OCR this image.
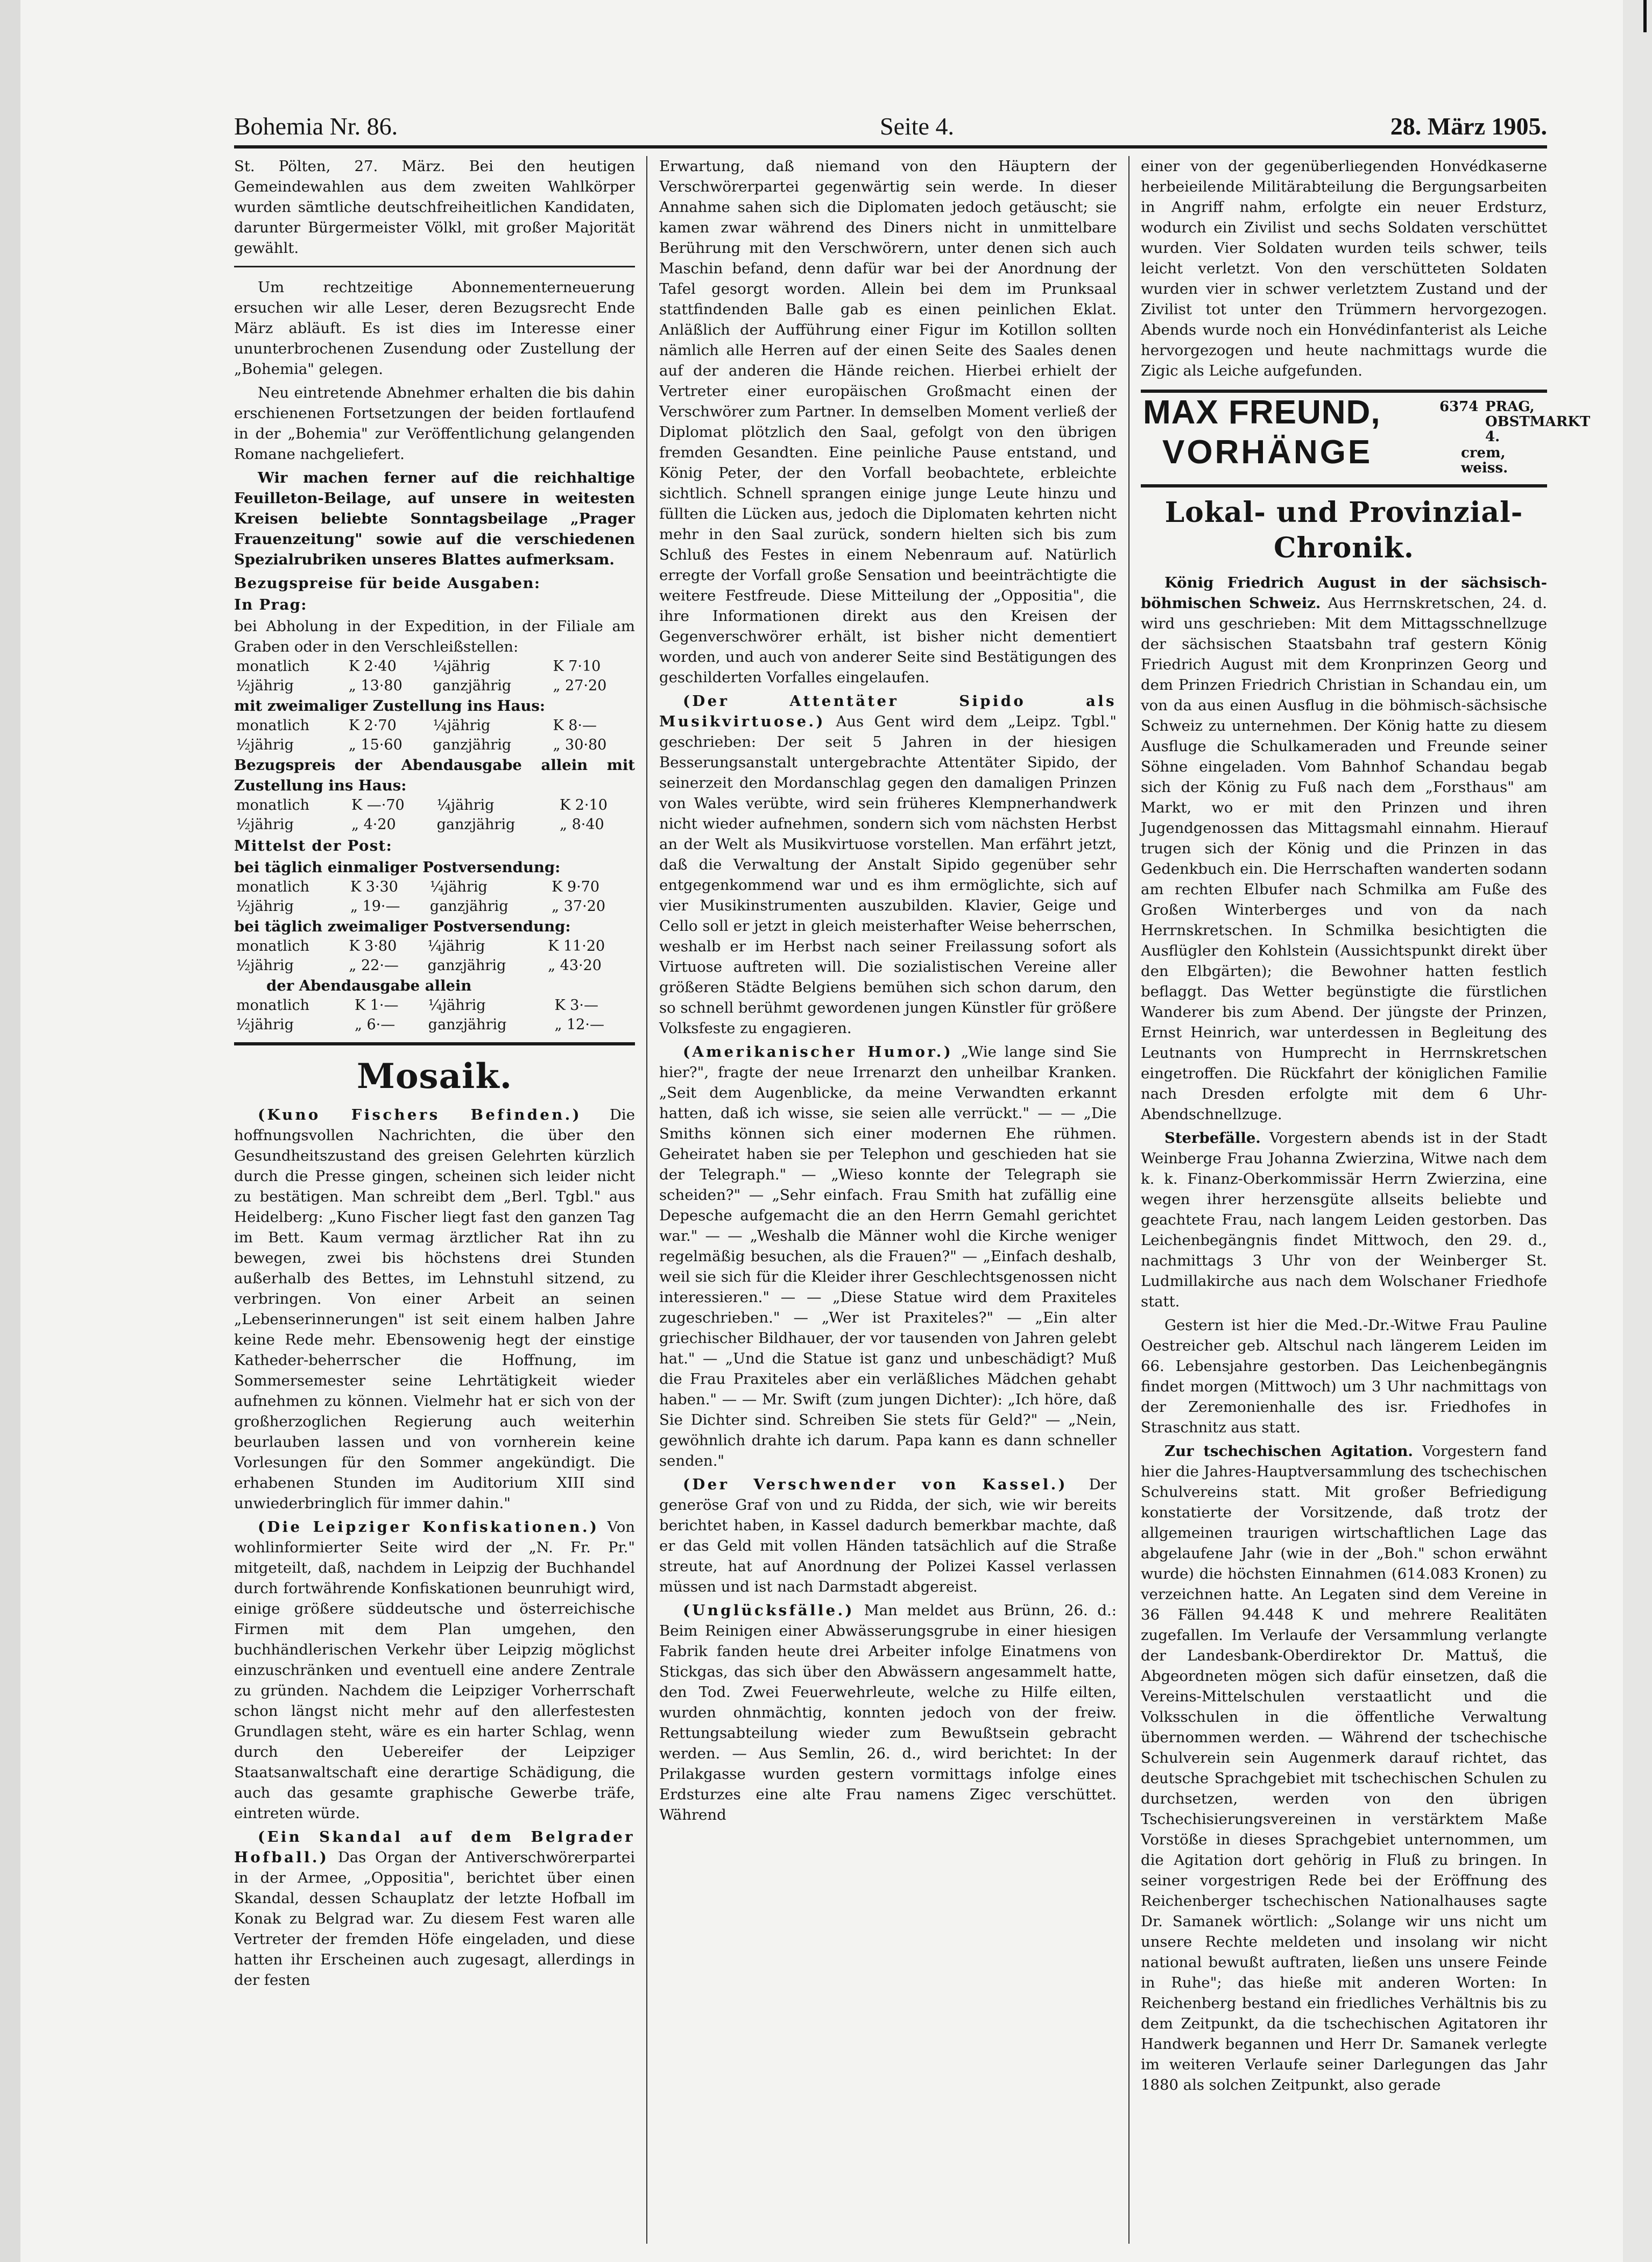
Bohemia Nr. 86.	Seite 4.	28. März 1905.

St. Pölten, 27. März. Bei den heutigen Gemeindewahlen aus dem zweiten Wahlkörper wurden sämtliche deutschfreiheitlichen Kandidaten, darunter Bürgermeister Völkl, mit großer Majorität gewählt.

Um rechtzeitige Abonnementerneuerung ersuchen wir alle Leser, deren Bezugsrecht Ende März abläuft. Es ist dies im Interesse einer ununterbrochenen Zusendung oder Zustellung der „Bohemia" gelegen.

Neu eintretende Abnehmer erhalten die bis dahin erschienenen Fortsetzungen der beiden fortlaufend in der „Bohemia" zur Veröffentlichung gelangenden Romane nachgeliefert.

Wir machen ferner auf die reichhaltige Feuilleton-Beilage, auf unsere in weitesten Kreisen beliebte Sonntagsbeilage „Prager Frauenzeitung" sowie auf die verschiedenen Spezialrubriken unseres Blattes aufmerksam.

Bezugspreise für beide Ausgaben:
In Prag:
bei Abholung in der Expedition, in der Filiale am Graben oder in den Verschleißstellen:
monatlich	K 2·40	¼jährig	K 7·10
½jährig	„ 13·80	ganzjährig	„ 27·20
mit zweimaliger Zustellung ins Haus:
monatlich	K 2·70	¼jährig	K 8·—
½jährig	„ 15·60	ganzjährig	„ 30·80
Bezugspreis der Abendausgabe allein mit Zustellung ins Haus:
monatlich	K —·70	¼jährig	K 2·10
½jährig	„ 4·20	ganzjährig	„ 8·40
Mittelst der Post:
bei täglich einmaliger Postversendung:
monatlich	K 3·30	¼jährig	K 9·70
½jährig	„ 19·—	ganzjährig	„ 37·20
bei täglich zweimaliger Postversendung:
monatlich	K 3·80	¼jährig	K 11·20
½jährig	„ 22·—	ganzjährig	„ 43·20
der Abendausgabe allein
monatlich	K 1·—	¼jährig	K 3·—
½jährig	„ 6·—	ganzjährig	„ 12·—
Mosaik.

(Kuno Fischers Befinden.) Die hoffnungsvollen Nachrichten, die über den Gesundheitszustand des greisen Gelehrten kürzlich durch die Presse gingen, scheinen sich leider nicht zu bestätigen. Man schreibt dem „Berl. Tgbl." aus Heidelberg: „Kuno Fischer liegt fast den ganzen Tag im Bett. Kaum vermag ärztlicher Rat ihn zu bewegen, zwei bis höchstens drei Stunden außerhalb des Bettes, im Lehnstuhl sitzend, zu verbringen. Von einer Arbeit an seinen „Lebenserinnerungen" ist seit einem halben Jahre keine Rede mehr. Ebensowenig hegt der einstige Katheder-beherrscher die Hoffnung, im Sommersemester seine Lehrtätigkeit wieder aufnehmen zu können. Vielmehr hat er sich von der großherzoglichen Regierung auch weiterhin beurlauben lassen und von vornherein keine Vorlesungen für den Sommer angekündigt. Die erhabenen Stunden im Auditorium XIII sind unwiederbringlich für immer dahin."

(Die Leipziger Konfiskationen.) Von wohlinformierter Seite wird der „N. Fr. Pr." mitgeteilt, daß, nachdem in Leipzig der Buchhandel durch fortwährende Konfiskationen beunruhigt wird, einige größere süddeutsche und österreichische Firmen mit dem Plan umgehen, den buchhändlerischen Verkehr über Leipzig möglichst einzuschränken und eventuell eine andere Zentrale zu gründen. Nachdem die Leipziger Vorherrschaft schon längst nicht mehr auf den allerfestesten Grundlagen steht, wäre es ein harter Schlag, wenn durch den Uebereifer der Leipziger Staatsanwaltschaft eine derartige Schädigung, die auch das gesamte graphische Gewerbe träfe, eintreten würde.

(Ein Skandal auf dem Belgrader Hofball.) Das Organ der Antiverschwörerpartei in der Armee, „Oppositia", berichtet über einen Skandal, dessen Schauplatz der letzte Hofball im Konak zu Belgrad war. Zu diesem Fest waren alle Vertreter der fremden Höfe eingeladen, und diese hatten ihr Erscheinen auch zugesagt, allerdings in der festen

Erwartung, daß niemand von den Häuptern der Verschwörerpartei gegenwärtig sein werde. In dieser Annahme sahen sich die Diplomaten jedoch getäuscht; sie kamen zwar während des Diners nicht in unmittelbare Berührung mit den Verschwörern, unter denen sich auch Maschin befand, denn dafür war bei der Anordnung der Tafel gesorgt worden. Allein bei dem im Prunksaal stattfindenden Balle gab es einen peinlichen Eklat. Anläßlich der Aufführung einer Figur im Kotillon sollten nämlich alle Herren auf der einen Seite des Saales denen auf der anderen die Hände reichen. Hierbei erhielt der Vertreter einer europäischen Großmacht einen der Verschwörer zum Partner. In demselben Moment verließ der Diplomat plötzlich den Saal, gefolgt von den übrigen fremden Gesandten. Eine peinliche Pause entstand, und König Peter, der den Vorfall beobachtete, erbleichte sichtlich. Schnell sprangen einige junge Leute hinzu und füllten die Lücken aus, jedoch die Diplomaten kehrten nicht mehr in den Saal zurück, sondern hielten sich bis zum Schluß des Festes in einem Nebenraum auf. Natürlich erregte der Vorfall große Sensation und beeinträchtigte die weitere Festfreude. Diese Mitteilung der „Oppositia", die ihre Informationen direkt aus den Kreisen der Gegenverschwörer erhält, ist bisher nicht dementiert worden, und auch von anderer Seite sind Bestätigungen des geschilderten Vorfalles eingelaufen.

(Der Attentäter Sipido als Musikvirtuose.) Aus Gent wird dem „Leipz. Tgbl." geschrieben: Der seit 5 Jahren in der hiesigen Besserungsanstalt untergebrachte Attentäter Sipido, der seinerzeit den Mordanschlag gegen den damaligen Prinzen von Wales verübte, wird sein früheres Klempnerhandwerk nicht wieder aufnehmen, sondern sich vom nächsten Herbst an der Welt als Musikvirtuose vorstellen. Man erfährt jetzt, daß die Verwaltung der Anstalt Sipido gegenüber sehr entgegenkommend war und es ihm ermöglichte, sich auf vier Musikinstrumenten auszubilden. Klavier, Geige und Cello soll er jetzt in gleich meisterhafter Weise beherrschen, weshalb er im Herbst nach seiner Freilassung sofort als Virtuose auftreten will. Die sozialistischen Vereine aller größeren Städte Belgiens bemühen sich schon darum, den so schnell berühmt gewordenen jungen Künstler für größere Volksfeste zu engagieren.

(Amerikanischer Humor.) „Wie lange sind Sie hier?", fragte der neue Irrenarzt den unheilbar Kranken. „Seit dem Augenblicke, da meine Verwandten erkannt hatten, daß ich wisse, sie seien alle verrückt." — — „Die Smiths können sich einer modernen Ehe rühmen. Geheiratet haben sie per Telephon und geschieden hat sie der Telegraph." — „Wieso konnte der Telegraph sie scheiden?" — „Sehr einfach. Frau Smith hat zufällig eine Depesche aufgemacht die an den Herrn Gemahl gerichtet war." — — „Weshalb die Männer wohl die Kirche weniger regelmäßig besuchen, als die Frauen?" — „Einfach deshalb, weil sie sich für die Kleider ihrer Geschlechtsgenossen nicht interessieren." — — „Diese Statue wird dem Praxiteles zugeschrieben." — „Wer ist Praxiteles?" — „Ein alter griechischer Bildhauer, der vor tausenden von Jahren gelebt hat." — „Und die Statue ist ganz und unbeschädigt? Muß die Frau Praxiteles aber ein verläßliches Mädchen gehabt haben." — — Mr. Swift (zum jungen Dichter): „Ich höre, daß Sie Dichter sind. Schreiben Sie stets für Geld?" — „Nein, gewöhnlich drahte ich darum. Papa kann es dann schneller senden."

(Der Verschwender von Kassel.) Der generöse Graf von und zu Ridda, der sich, wie wir bereits berichtet haben, in Kassel dadurch bemerkbar machte, daß er das Geld mit vollen Händen tatsächlich auf die Straße streute, hat auf Anordnung der Polizei Kassel verlassen müssen und ist nach Darmstadt abgereist.

(Unglücksfälle.) Man meldet aus Brünn, 26. d.: Beim Reinigen einer Abwässerungsgrube in einer hiesigen Fabrik fanden heute drei Arbeiter infolge Einatmens von Stickgas, das sich über den Abwässern angesammelt hatte, den Tod. Zwei Feuerwehrleute, welche zu Hilfe eilten, wurden ohnmächtig, konnten jedoch von der freiw. Rettungsabteilung wieder zum Bewußtsein gebracht werden. — Aus Semlin, 26. d., wird berichtet: In der Prilakgasse wurden gestern vormittags infolge eines Erdsturzes eine alte Frau namens Zigec verschüttet. Während

einer von der gegenüberliegenden Honvédkaserne herbeieilende Militärabteilung die Bergungsarbeiten in Angriff nahm, erfolgte ein neuer Erdsturz, wodurch ein Zivilist und sechs Soldaten verschüttet wurden. Vier Soldaten wurden teils schwer, teils leicht verletzt. Von den verschütteten Soldaten wurden vier in schwer verletztem Zustand und der Zivilist tot unter den Trümmern hervorgezogen. Abends wurde noch ein Honvédinfanterist als Leiche hervorgezogen und heute nachmittags wurde die Zigic als Leiche aufgefunden.

MAX FREUND,	6374 PRAG, OBSTMARKT 4.
VORHÄNGE	crem, weiss.
Lokal- und Provinzial-Chronik.

König Friedrich August in der sächsisch-böhmischen Schweiz. Aus Herrnskretschen, 24. d. wird uns geschrieben: Mit dem Mittagsschnellzuge der sächsischen Staatsbahn traf gestern König Friedrich August mit dem Kronprinzen Georg und dem Prinzen Friedrich Christian in Schandau ein, um von da aus einen Ausflug in die böhmisch-sächsische Schweiz zu unternehmen. Der König hatte zu diesem Ausfluge die Schulkameraden und Freunde seiner Söhne eingeladen. Vom Bahnhof Schandau begab sich der König zu Fuß nach dem „Forsthaus" am Markt, wo er mit den Prinzen und ihren Jugendgenossen das Mittagsmahl einnahm. Hierauf trugen sich der König und die Prinzen in das Gedenkbuch ein. Die Herrschaften wanderten sodann am rechten Elbufer nach Schmilka am Fuße des Großen Winterberges und von da nach Herrnskretschen. In Schmilka besichtigten die Ausflügler den Kohlstein (Aussichtspunkt direkt über den Elbgärten); die Bewohner hatten festlich beflaggt. Das Wetter begünstigte die fürstlichen Wanderer bis zum Abend. Der jüngste der Prinzen, Ernst Heinrich, war unterdessen in Begleitung des Leutnants von Humprecht in Herrnskretschen eingetroffen. Die Rückfahrt der königlichen Familie nach Dresden erfolgte mit dem 6 Uhr-Abendschnellzuge.

Sterbefälle. Vorgestern abends ist in der Stadt Weinberge Frau Johanna Zwierzina, Witwe nach dem k. k. Finanz-Oberkommissär Herrn Zwierzina, eine wegen ihrer herzensgüte allseits beliebte und geachtete Frau, nach langem Leiden gestorben. Das Leichenbegängnis findet Mittwoch, den 29. d., nachmittags 3 Uhr von der Weinberger St. Ludmillakirche aus nach dem Wolschaner Friedhofe statt.

Gestern ist hier die Med.-Dr.-Witwe Frau Pauline Oestreicher geb. Altschul nach längerem Leiden im 66. Lebensjahre gestorben. Das Leichenbegängnis findet morgen (Mittwoch) um 3 Uhr nachmittags von der Zeremonienhalle des isr. Friedhofes in Straschnitz aus statt.

Zur tschechischen Agitation. Vorgestern fand hier die Jahres-Hauptversammlung des tschechischen Schulvereins statt. Mit großer Befriedigung konstatierte der Vorsitzende, daß trotz der allgemeinen traurigen wirtschaftlichen Lage das abgelaufene Jahr (wie in der „Boh." schon erwähnt wurde) die höchsten Einnahmen (614.083 Kronen) zu verzeichnen hatte. An Legaten sind dem Vereine in 36 Fällen 94.448 K und mehrere Realitäten zugefallen. Im Verlaufe der Versammlung verlangte der Landesbank-Oberdirektor Dr. Mattuš, die Abgeordneten mögen sich dafür einsetzen, daß die Vereins-Mittelschulen verstaatlicht und die Volksschulen in die öffentliche Verwaltung übernommen werden. — Während der tschechische Schulverein sein Augenmerk darauf richtet, das deutsche Sprachgebiet mit tschechischen Schulen zu durchsetzen, werden von den übrigen Tschechisierungsvereinen in verstärktem Maße Vorstöße in dieses Sprachgebiet unternommen, um die Agitation dort gehörig in Fluß zu bringen. In seiner vorgestrigen Rede bei der Eröffnung des Reichenberger tschechischen Nationalhauses sagte Dr. Samanek wörtlich: „Solange wir uns nicht um unsere Rechte meldeten und insolang wir nicht national bewußt auftraten, ließen uns unsere Feinde in Ruhe"; das hieße mit anderen Worten: In Reichenberg bestand ein friedliches Verhältnis bis zu dem Zeitpunkt, da die tschechischen Agitatoren ihr Handwerk begannen und Herr Dr. Samanek verlegte im weiteren Verlaufe seiner Darlegungen das Jahr 1880 als solchen Zeitpunkt, also gerade
